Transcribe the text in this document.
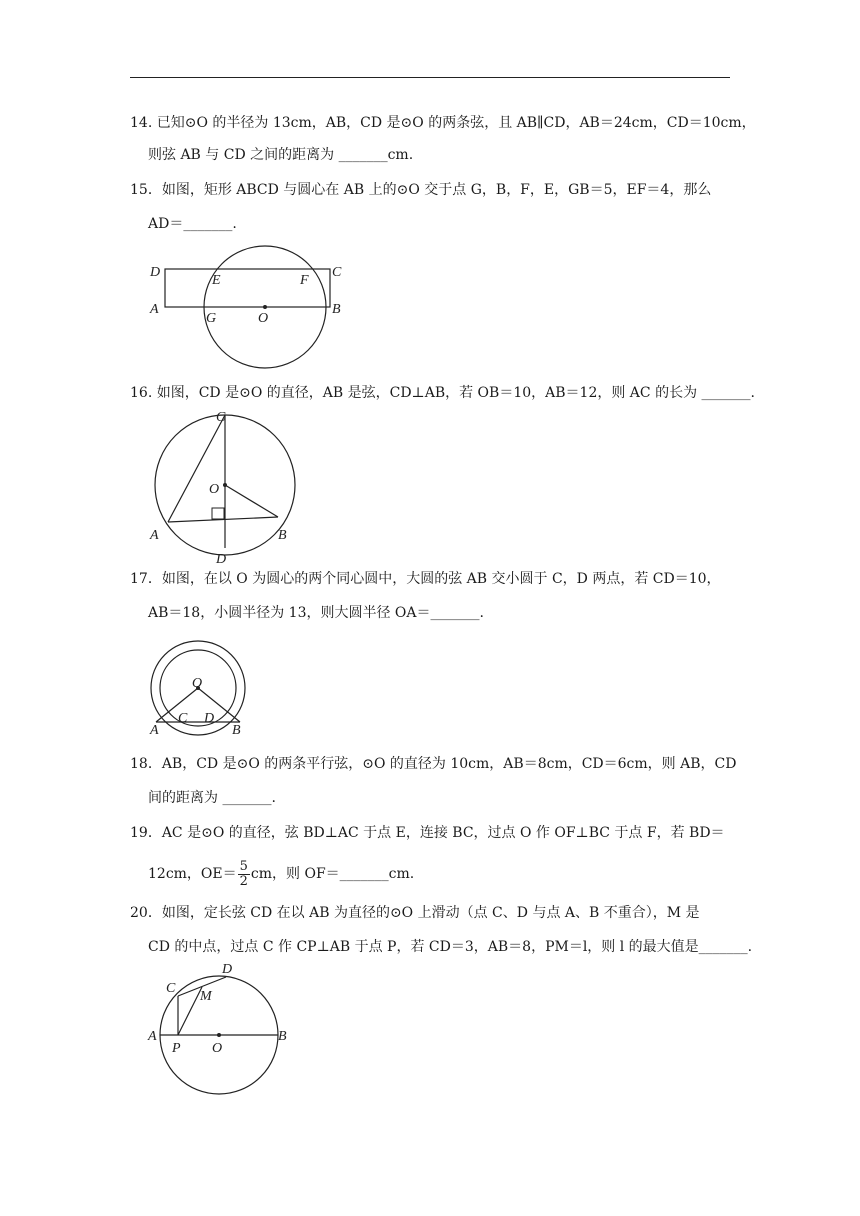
14. 已知⊙O 的半径为 13cm，AB，CD 是⊙O 的两条弦，且 AB∥CD，AB＝24cm，CD＝10cm，
则弦 AB 与 CD 之间的距离为 _______cm.
15．如图，矩形 ABCD 与圆心在 AB 上的⊙O 交于点 G，B，F，E，GB＝5，EF＝4，那么
AD＝_______.
D
E	F
C
A
G	O
B
16. 如图，CD 是⊙O 的直径，AB 是弦，CD⊥AB，若 OB＝10，AB＝12，则 AC 的长为 _______.
C
O
A	B
D
17．如图，在以 O 为圆心的两个同心圆中，大圆的弦 AB 交小圆于 C，D 两点，若 CD＝10，
AB＝18，小圆半径为 13，则大圆半径 OA＝_______.
O
A
C D
B
18．AB，CD 是⊙O 的两条平行弦，⊙O 的直径为 10cm，AB＝8cm，CD＝6cm，则 AB，CD
间的距离为 _______.
19．AC 是⊙O 的直径，弦 BD⊥AC 于点 E，连接 BC，过点 O 作 OF⊥BC 于点 F，若 BD＝
12cm，$OE= \frac{5}{2}$ cm，则 OF＝_______cm.
20．如图，定长弦 CD 在以 AB 为直径的⊙O 上滑动（点 C、D 与点 A、B 不重合），M 是
CD 的中点，过点 C 作 CP⊥AB 于点 P，若 CD＝3，AB＝8，PM＝l，则 l 的最大值是_______.
D
C
M
A
P O
B
